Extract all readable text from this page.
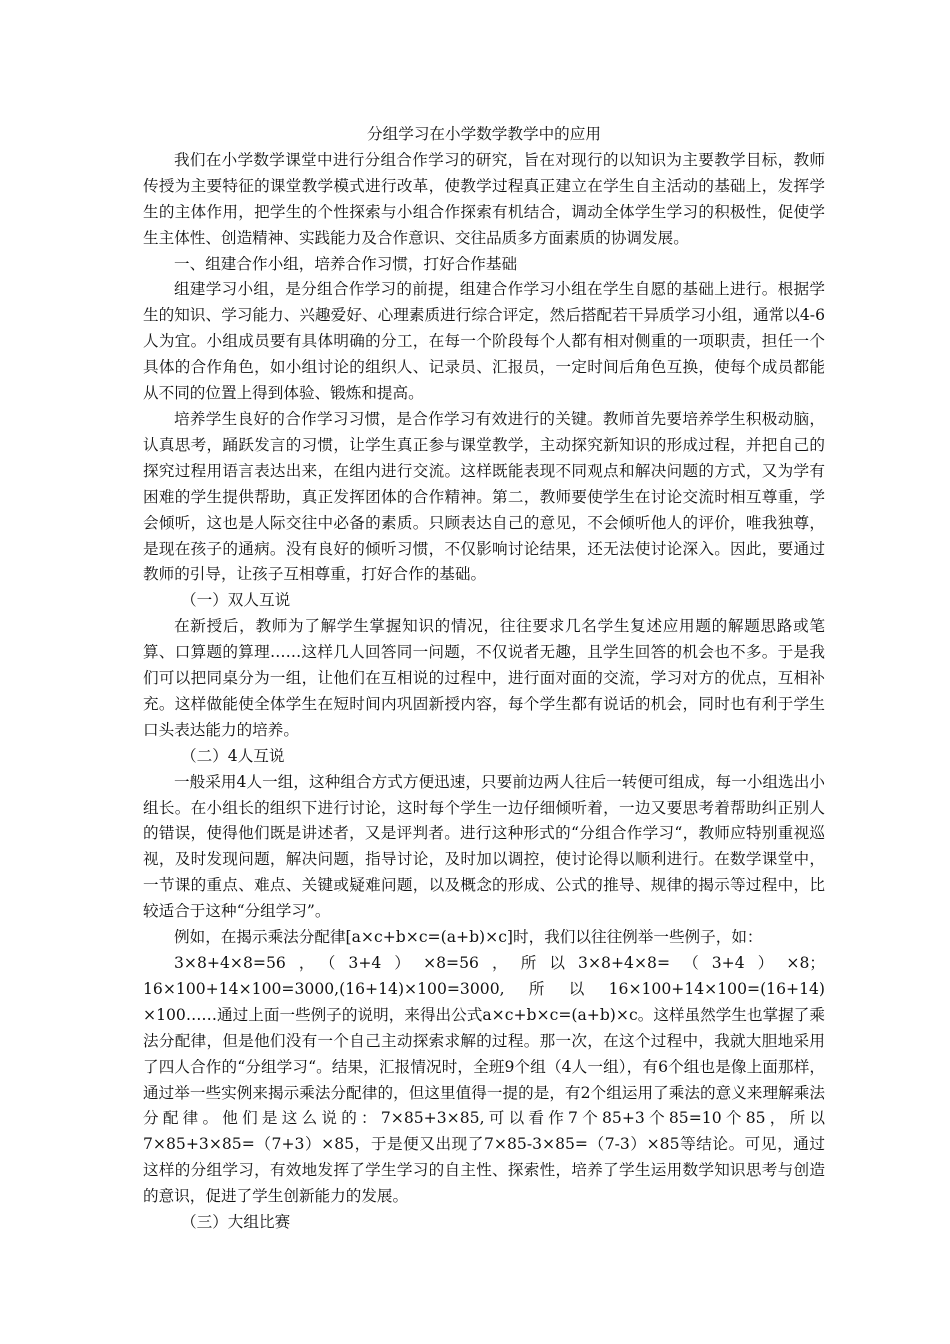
分组学习在小学数学教学中的应用

我们在小学数学课堂中进行分组合作学习的研究，旨在对现行的以知识为主要教学目标，教师传授为主要特征的课堂教学模式进行改革，使教学过程真正建立在学生自主活动的基础上，发挥学生的主体作用，把学生的个性探索与小组合作探索有机结合，调动全体学生学习的积极性，促使学生主体性、创造精神、实践能力及合作意识、交往品质多方面素质的协调发展。

一、组建合作小组，培养合作习惯，打好合作基础

组建学习小组，是分组合作学习的前提，组建合作学习小组在学生自愿的基础上进行。根据学生的知识、学习能力、兴趣爱好、心理素质进行综合评定，然后搭配若干异质学习小组，通常以4-6人为宜。小组成员要有具体明确的分工，在每一个阶段每个人都有相对侧重的一项职责，担任一个具体的合作角色，如小组讨论的组织人、记录员、汇报员，一定时间后角色互换，使每个成员都能从不同的位置上得到体验、锻炼和提高。

培养学生良好的合作学习习惯，是合作学习有效进行的关键。教师首先要培养学生积极动脑，认真思考，踊跃发言的习惯，让学生真正参与课堂教学，主动探究新知识的形成过程，并把自己的探究过程用语言表达出来，在组内进行交流。这样既能表现不同观点和解决问题的方式，又为学有困难的学生提供帮助，真正发挥团体的合作精神。第二，教师要使学生在讨论交流时相互尊重，学会倾听，这也是人际交往中必备的素质。只顾表达自己的意见，不会倾听他人的评价，唯我独尊，是现在孩子的通病。没有良好的倾听习惯，不仅影响讨论结果，还无法使讨论深入。因此，要通过教师的引导，让孩子互相尊重，打好合作的基础。

（一）双人互说

在新授后，教师为了解学生掌握知识的情况，往往要求几名学生复述应用题的解题思路或笔算、口算题的算理……这样几人回答同一问题，不仅说者无趣，且学生回答的机会也不多。于是我们可以把同桌分为一组，让他们在互相说的过程中，进行面对面的交流，学习对方的优点，互相补充。这样做能使全体学生在短时间内巩固新授内容，每个学生都有说话的机会，同时也有利于学生口头表达能力的培养。

（二）4人互说

一般采用4人一组，这种组合方式方便迅速，只要前边两人往后一转便可组成，每一小组选出小组长。在小组长的组织下进行讨论，这时每个学生一边仔细倾听着，一边又要思考着帮助纠正别人的错误，使得他们既是讲述者，又是评判者。进行这种形式的“分组合作学习“，教师应特别重视巡视，及时发现问题，解决问题，指导讨论，及时加以调控，使讨论得以顺利进行。在数学课堂中，一节课的重点、难点、关键或疑难问题，以及概念的形成、公式的推导、规律的揭示等过程中，比较适合于这种“分组学习”。

例如，在揭示乘法分配律[a×c+b×c=(a+b)×c]时，我们以往往例举一些例子，如：

3×8+4×8=56，（3+4）×8=56，所以3×8+4×8=（3+4）×8；16×100+14×100=3000,(16+14)×100=3000,所以16×100+14×100=(16+14) ×100……通过上面一些例子的说明，来得出公式a×c+b×c=(a+b)×c。这样虽然学生也掌握了乘法分配律，但是他们没有一个自己主动探索求解的过程。那一次，在这个过程中，我就大胆地采用了四人合作的“分组学习“。结果，汇报情况时，全班9个组（4人一组），有6个组也是像上面那样，通过举一些实例来揭示乘法分配律的，但这里值得一提的是，有2个组运用了乘法的意义来理解乘法分配律。他们是这么说的：7×85+3×85,可以看作7个85+3个85=10个85，所以7×85+3×85=（7+3）×85，于是便又出现了7×85-3×85=（7-3）×85等结论。可见，通过这样的分组学习，有效地发挥了学生学习的自主性、探索性，培养了学生运用数学知识思考与创造的意识，促进了学生创新能力的发展。

（三）大组比赛
